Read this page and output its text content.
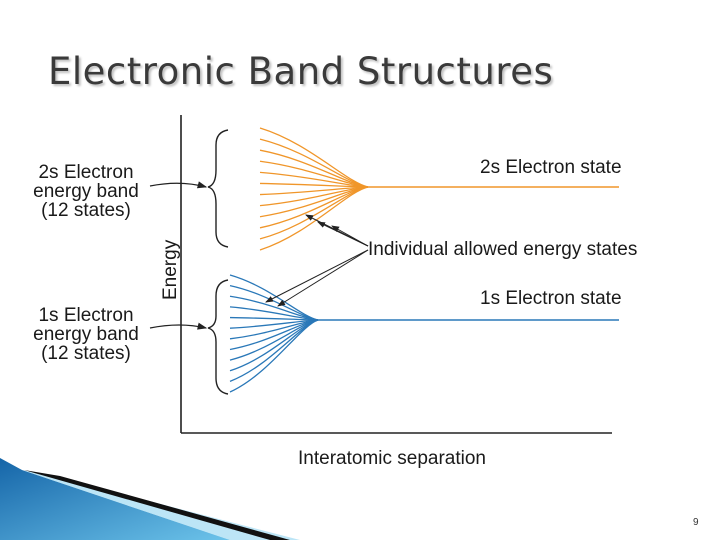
Electronic Band Structures
Energy
Interatomic separation
2s Electron
energy band
(12 states)
1s Electron
energy band
(12 states)
2s Electron state
1s Electron state
Individual allowed energy states
9
